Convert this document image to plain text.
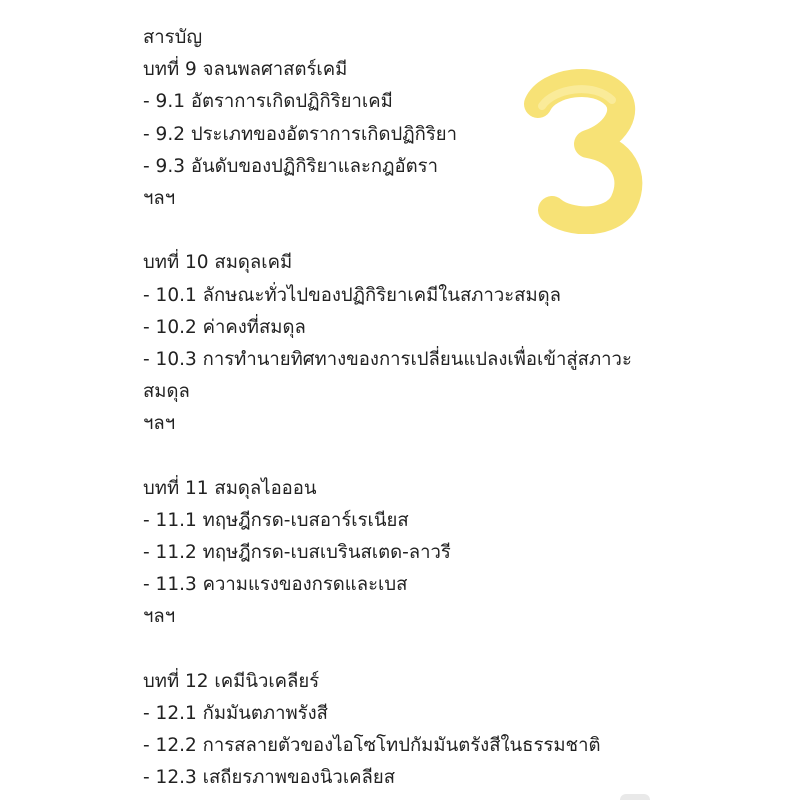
สารบัญ
บทที่ 9 จลนพลศาสตร์เคมี
- 9.1 อัตราการเกิดปฏิกิริยาเคมี
- 9.2 ประเภทของอัตราการเกิดปฏิกิริยา
- 9.3 อันดับของปฏิกิริยาและกฎอัตรา
ฯลฯ
บทที่ 10 สมดุลเคมี
- 10.1 ลักษณะทั่วไปของปฏิกิริยาเคมีในสภาวะสมดุล
- 10.2 ค่าคงที่สมดุล
- 10.3 การทำนายทิศทางของการเปลี่ยนแปลงเพื่อเข้าสู่สภาวะ
สมดุล
ฯลฯ
บทที่ 11 สมดุลไอออน
- 11.1 ทฤษฎีกรด-เบสอาร์เรเนียส
- 11.2 ทฤษฎีกรด-เบสเบรินสเตด-ลาวรี
- 11.3 ความแรงของกรดและเบส
ฯลฯ
บทที่ 12 เคมีนิวเคลียร์
- 12.1 กัมมันตภาพรังสี
- 12.2 การสลายตัวของไอโซโทปกัมมันตรังสีในธรรมชาติ
- 12.3 เสถียรภาพของนิวเคลียส
